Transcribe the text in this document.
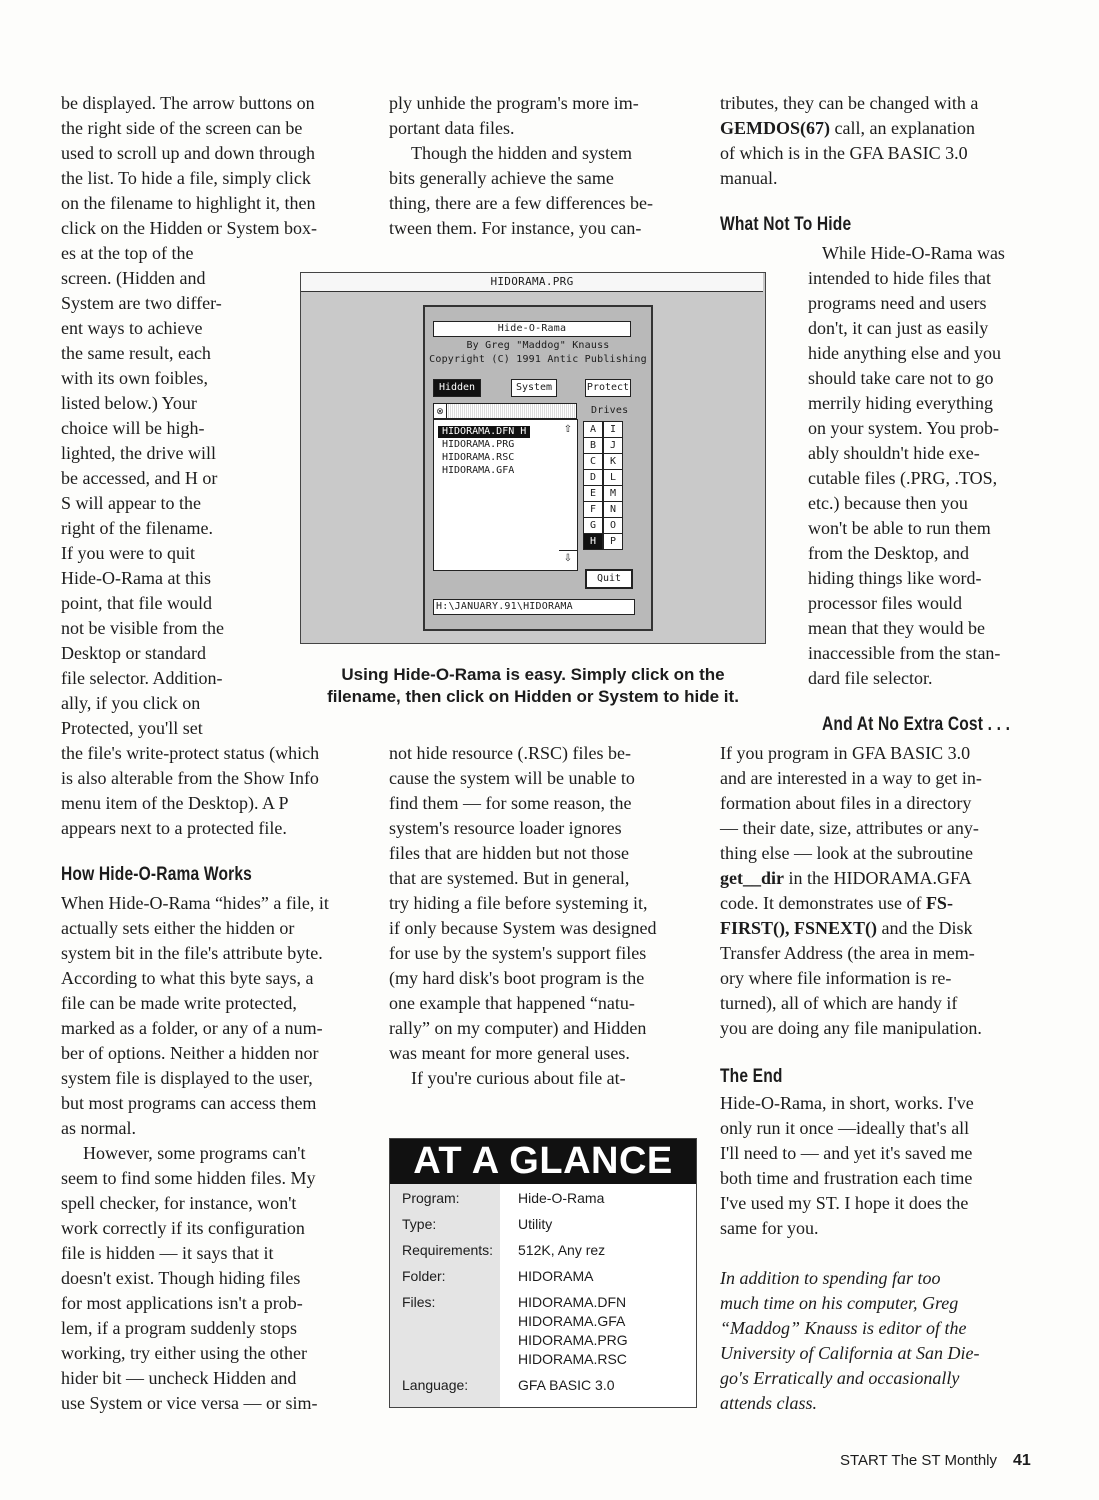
be displayed. The arrow buttons on
the right side of the screen can be
used to scroll up and down through
the list. To hide a file, simply click
on the filename to highlight it, then
click on the Hidden or System box-
es at the top of the
screen. (Hidden and
System are two differ-
ent ways to achieve
the same result, each
with its own foibles,
listed below.) Your
choice will be high-
lighted, the drive will
be accessed, and H or
S will appear to the
right of the filename.
If you were to quit
Hide-O-Rama at this
point, that file would
not be visible from the
Desktop or standard
file selector. Addition-
ally, if you click on
Protected, you'll set
the file's write-protect status (which
is also alterable from the Show Info
menu item of the Desktop). A P
appears next to a protected file.
How Hide-O-Rama Works
When Hide-O-Rama “hides” a file, it
actually sets either the hidden or
system bit in the file's attribute byte.
According to what this byte says, a
file can be made write protected,
marked as a folder, or any of a num-
ber of options. Neither a hidden nor
system file is displayed to the user,
but most programs can access them
as normal.
However, some programs can't
seem to find some hidden files. My
spell checker, for instance, won't
work correctly if its configuration
file is hidden — it says that it
doesn't exist. Though hiding files
for most applications isn't a prob-
lem, if a program suddenly stops
working, try either using the other
hider bit — uncheck Hidden and
use System or vice versa — or sim-
ply unhide the program's more im-
portant data files.
Though the hidden and system
bits generally achieve the same
thing, there are a few differences be-
tween them. For instance, you can-
HIDORAMA.PRG
Hide-O-Rama
By Greg "Maddog" Knauss
Copyright (C) 1991 Antic Publishing
Hidden	System	Protect
Drives
⊗
HIDORAMA.DFN H
HIDORAMA.PRG
HIDORAMA.RSC
HIDORAMA.GFA
⇧
⇩
A
B
C
D
E
F
G
H
I
J
K
L
M
N
O
P
Quit
H:\JANUARY.91\HIDORAMA
Using Hide-O-Rama is easy. Simply click on the
filename, then click on Hidden or System to hide it.
not hide resource (.RSC) files be-
cause the system will be unable to
find them — for some reason, the
system's resource loader ignores
files that are hidden but not those
that are systemed. But in general,
try hiding a file before systeming it,
if only because System was designed
for use by the system's support files
(my hard disk's boot program is the
one example that happened “natu-
rally” on my computer) and Hidden
was meant for more general uses.
If you're curious about file at-
AT A GLANCE
Program:	Hide-O-Rama
Type:	Utility
Requirements: 512K, Any rez
Folder:	HIDORAMA
Files:	HIDORAMA.DFN
HIDORAMA.GFA
HIDORAMA.PRG
HIDORAMA.RSC
Language:	GFA BASIC 3.0
tributes, they can be changed with a
GEMDOS(67) call, an explanation
of which is in the GFA BASIC 3.0
manual.
What Not To Hide
While Hide-O-Rama was
intended to hide files that
programs need and users
don't, it can just as easily
hide anything else and you
should take care not to go
merrily hiding everything
on your system. You prob-
ably shouldn't hide exe-
cutable files (.PRG, .TOS,
etc.) because then you
won't be able to run them
from the Desktop, and
hiding things like word-
processor files would
mean that they would be
inaccessible from the stan-
dard file selector.
And At No Extra Cost . . .
If you program in GFA BASIC 3.0
and are interested in a way to get in-
formation about files in a directory
— their date, size, attributes or any-
thing else — look at the subroutine
get__dir in the HIDORAMA.GFA
code. It demonstrates use of FS-
FIRST(), FSNEXT() and the Disk
Transfer Address (the area in mem-
ory where file information is re-
turned), all of which are handy if
you are doing any file manipulation.
The End
Hide-O-Rama, in short, works. I've
only run it once —ideally that's all
I'll need to — and yet it's saved me
both time and frustration each time
I've used my ST. I hope it does the
same for you.
In addition to spending far too
much time on his computer, Greg
“Maddog” Knauss is editor of the
University of California at San Die-
go's Erratically and occasionally
attends class.
START The ST Monthly 41
